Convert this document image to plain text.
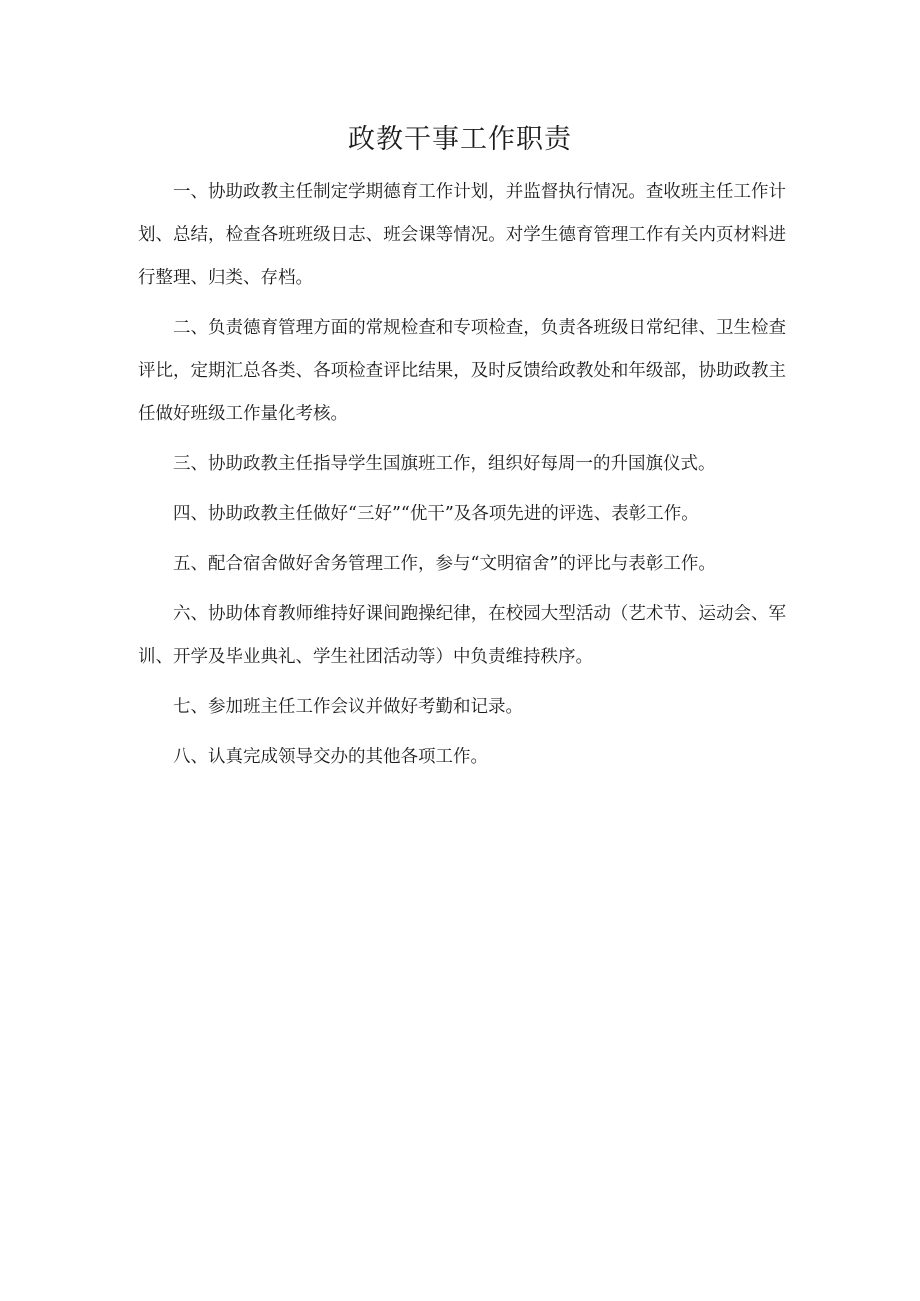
政教干事工作职责

一、协助政教主任制定学期德育工作计划，并监督执行情况。查收班主任工作计划、总结，检查各班班级日志、班会课等情况。对学生德育管理工作有关内页材料进行整理、归类、存档。

二、负责德育管理方面的常规检查和专项检查，负责各班级日常纪律、卫生检查评比，定期汇总各类、各项检查评比结果，及时反馈给政教处和年级部，协助政教主任做好班级工作量化考核。

三、协助政教主任指导学生国旗班工作，组织好每周一的升国旗仪式。

四、协助政教主任做好“三好”“优干”及各项先进的评选、表彰工作。

五、配合宿舍做好舍务管理工作，参与“文明宿舍”的评比与表彰工作。

六、协助体育教师维持好课间跑操纪律，在校园大型活动（艺术节、运动会、军训、开学及毕业典礼、学生社团活动等）中负责维持秩序。

七、参加班主任工作会议并做好考勤和记录。

八、认真完成领导交办的其他各项工作。
